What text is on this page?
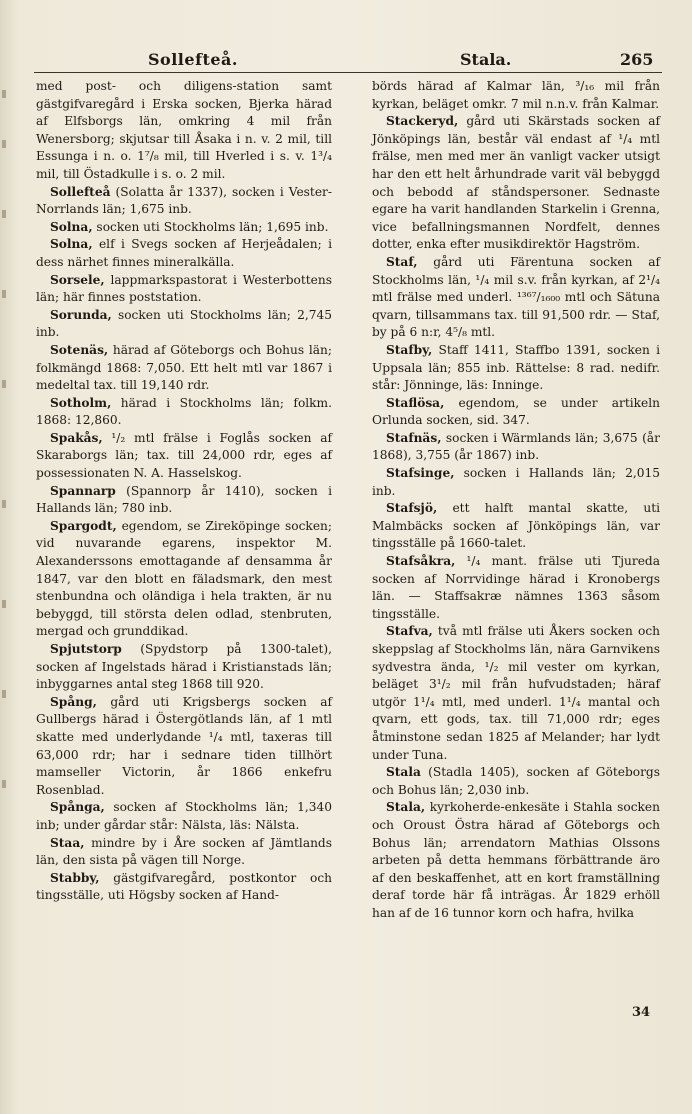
Sollefteå.	Stala.	265

med post- och diligens-station samt gästgifvaregård i Erska socken, Bjerka härad af Elfsborgs län, omkring 4 mil från Wenersborg; skjutsar till Åsaka i n. v. 2 mil, till Essunga i n. o. 1⁷/₈ mil, till Hverled i s. v. 1³/₄ mil, till Östadkulle i s. o. 2 mil.

Sollefteå (Solatta år 1337), socken i Vester-Norrlands län; 1,675 inb.

Solna, socken uti Stockholms län; 1,695 inb.

Solna, elf i Svegs socken af Herjeådalen; i dess närhet finnes mineralkälla.

Sorsele, lappmarkspastorat i Westerbottens län; här finnes poststation.

Sorunda, socken uti Stockholms län; 2,745 inb.

Sotenäs, härad af Göteborgs och Bohus län; folkmängd 1868: 7,050. Ett helt mtl var 1867 i medeltal tax. till 19,140 rdr.

Sotholm, härad i Stockholms län; folkm. 1868: 12,860.

Spakås, ¹/₂ mtl frälse i Foglås socken af Skaraborgs län; tax. till 24,000 rdr, eges af possessionaten N. A. Hasselskog.

Spannarp (Spannorp år 1410), socken i Hallands län; 780 inb.

Spargodt, egendom, se Zireköpinge socken; vid nuvarande egarens, inspektor M. Alexanderssons emottagande af densamma år 1847, var den blott en fäladsmark, den mest stenbundna och oländiga i hela trakten, är nu bebyggd, till största delen odlad, stenbruten, mergad och grunddikad.

Spjutstorp (Spydstorp på 1300-talet), socken af Ingelstads härad i Kristianstads län; inbyggarnes antal steg 1868 till 920.

Spång, gård uti Krigsbergs socken af Gullbergs härad i Östergötlands län, af 1 mtl skatte med underlydande ¹/₄ mtl, taxeras till 63,000 rdr; har i sednare tiden tillhört mamseller Victorin, år 1866 enkefru Rosenblad.

Spånga, socken af Stockholms län; 1,340 inb; under gårdar står: Nälsta, läs: Nälsta.

Staa, mindre by i Åre socken af Jämtlands län, den sista på vägen till Norge.

Stabby, gästgifvaregård, postkontor och tingsställe, uti Högsby socken af Hand-

börds härad af Kalmar län, ³/₁₆ mil från kyrkan, beläget omkr. 7 mil n.n.v. från Kalmar.

Stackeryd, gård uti Skärstads socken af Jönköpings län, består väl endast af ¹/₄ mtl frälse, men med mer än vanligt vacker utsigt har den ett helt århundrade varit väl bebyggd och bebodd af ståndspersoner. Sednaste egare ha varit handlanden Starkelin i Grenna, vice befallningsmannen Nordfelt, dennes dotter, enka efter musikdirektör Hagström.

Staf, gård uti Färentuna socken af Stockholms län, ¹/₄ mil s.v. från kyrkan, af 2¹/₄ mtl frälse med underl. ¹³⁶⁷/₁₆₀₀ mtl och Sätuna qvarn, tillsammans tax. till 91,500 rdr. — Staf, by på 6 n:r, 4⁵/₈ mtl.

Stafby, Staff 1411, Staffbo 1391, socken i Uppsala län; 855 inb. Rättelse: 8 rad. nedifr. står: Jönninge, läs: Inninge.

Staflösa, egendom, se under artikeln Orlunda socken, sid. 347.

Stafnäs, socken i Wärmlands län; 3,675 (år 1868), 3,755 (år 1867) inb.

Stafsinge, socken i Hallands län; 2,015 inb.

Stafsjö, ett halft mantal skatte, uti Malmbäcks socken af Jönköpings län, var tingsställe på 1660-talet.

Stafsåkra, ¹/₄ mant. frälse uti Tjureda socken af Norrvidinge härad i Kronobergs län. — Staffsakræ nämnes 1363 såsom tingsställe.

Stafva, två mtl frälse uti Åkers socken och skeppslag af Stockholms län, nära Garnvikens sydvestra ända, ¹/₂ mil vester om kyrkan, beläget 3¹/₂ mil från hufvudstaden; häraf utgör 1¹/₄ mtl, med underl. 1¹/₄ mantal och qvarn, ett gods, tax. till 71,000 rdr; eges åtminstone sedan 1825 af Melander; har lydt under Tuna.

Stala (Stadla 1405), socken af Göteborgs och Bohus län; 2,030 inb.

Stala, kyrkoherde-enkesäte i Stahla socken och Oroust Östra härad af Göteborgs och Bohus län; arrendatorn Mathias Olssons arbeten på detta hemmans förbättrande äro af den beskaffenhet, att en kort framställning deraf torde här få inträgas. År 1829 erhöll han af de 16 tunnor korn och hafra, hvilka

34
